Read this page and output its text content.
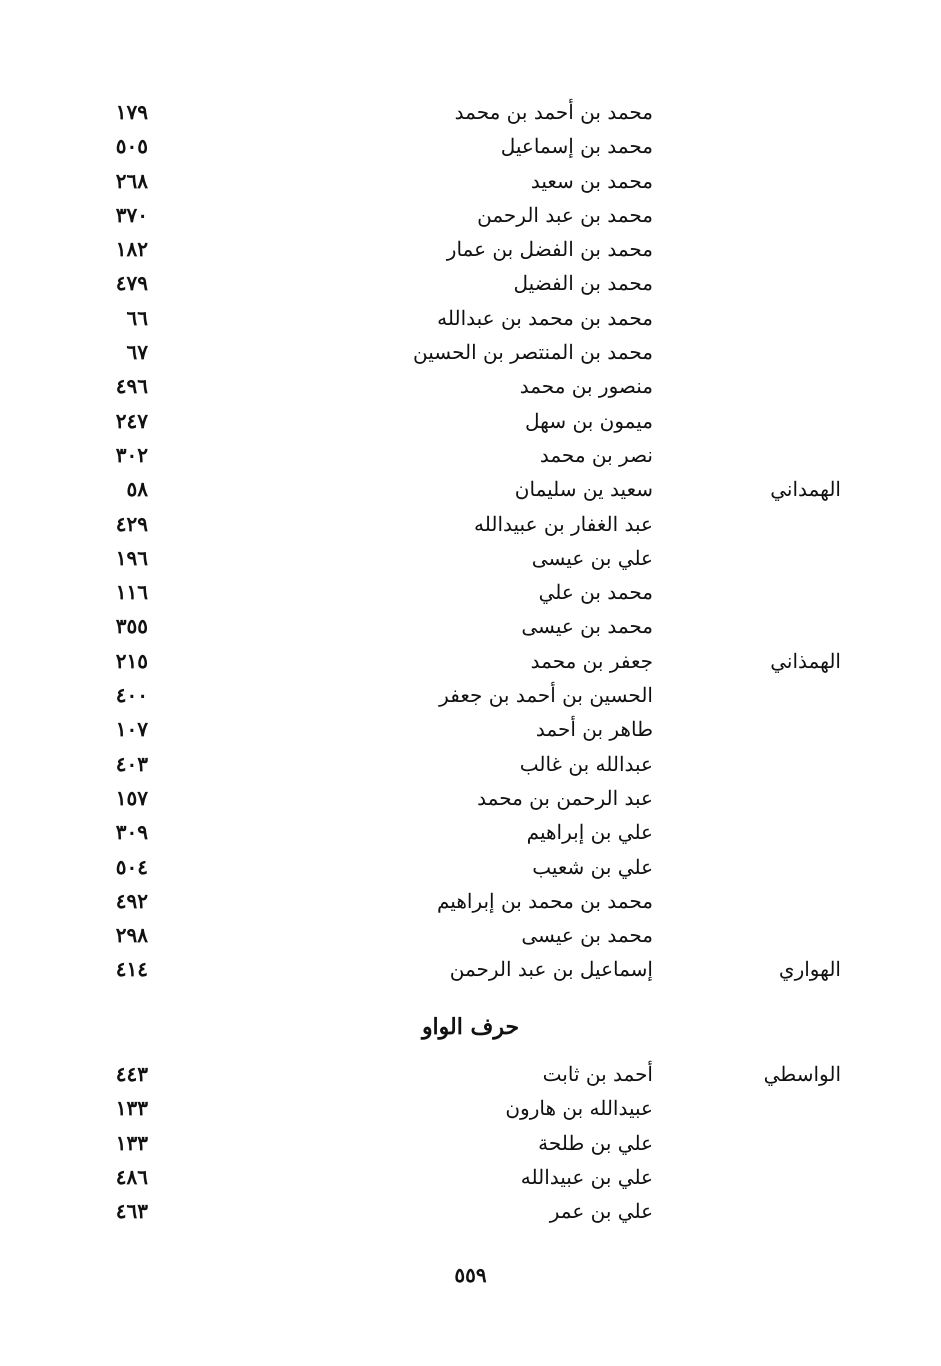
محمد بن أحمد بن محمد
١٧٩
محمد بن إسماعيل
٥٠٥
محمد بن سعيد
٢٦٨
محمد بن عبد الرحمن
٣٧٠
محمد بن الفضل بن عمار
١٨٢
محمد بن الفضيل
٤٧٩
محمد بن محمد بن عبدالله
٦٦
محمد بن المنتصر بن الحسين
٦٧
منصور بن محمد
٤٩٦
ميمون بن سهل
٢٤٧
نصر بن محمد
٣٠٢
الهمداني
سعيد ين سليمان
٥٨
عبد الغفار بن عبيدالله
٤٢٩
علي بن عيسى
١٩٦
محمد بن علي
١١٦
محمد بن عيسى
٣٥٥
الهمذاني
جعفر بن محمد
٢١٥
الحسين بن أحمد بن جعفر
٤٠٠
طاهر بن أحمد
١٠٧
عبدالله بن غالب
٤٠٣
عبد الرحمن بن محمد
١٥٧
علي بن إبراهيم
٣٠٩
علي بن شعيب
٥٠٤
محمد بن محمد بن إبراهيم
٤٩٢
محمد بن عيسى
٢٩٨
الهواري
إسماعيل بن عبد الرحمن
٤١٤
حرف الواو
الواسطي
أحمد بن ثابت
٤٤٣
عبيدالله بن هارون
١٣٣
علي بن طلحة
١٣٣
علي بن عبيدالله
٤٨٦
علي بن عمر
٤٦٣
٥٥٩
